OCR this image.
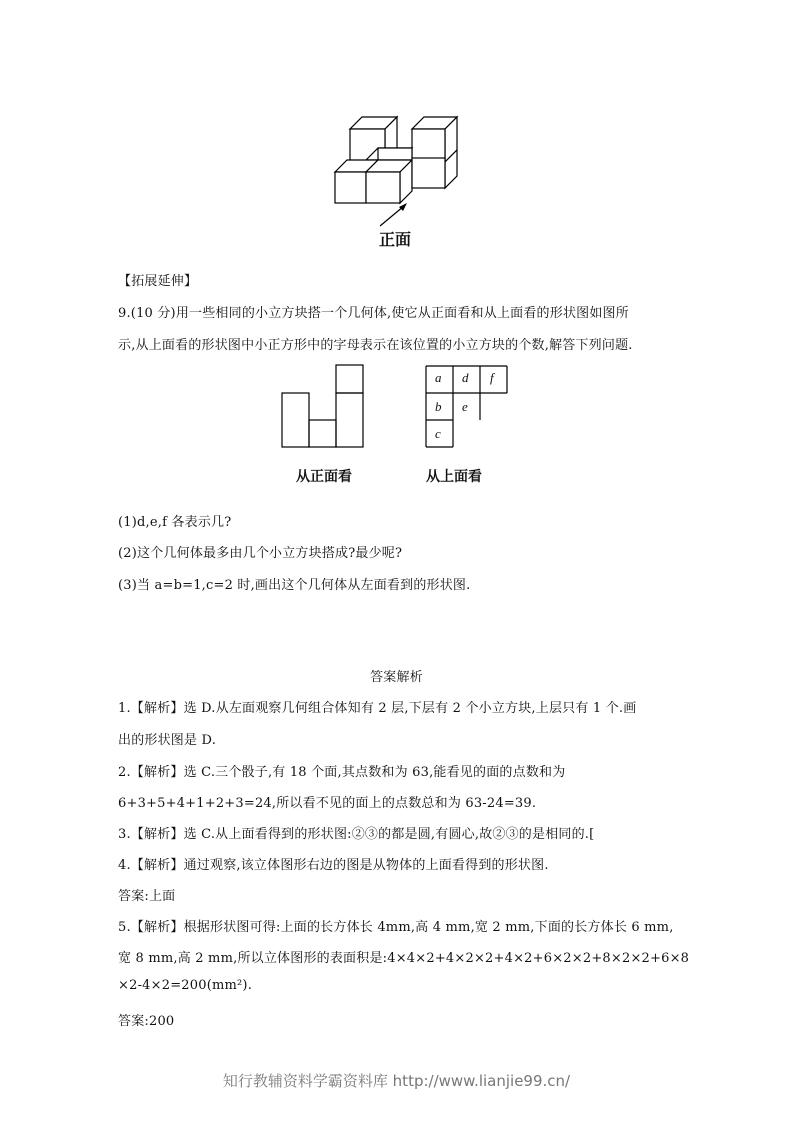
正面
【拓展延伸】
9.(10 分)用一些相同的小立方块搭一个几何体,使它从正面看和从上面看的形状图如图所
示,从上面看的形状图中小正方形中的字母表示在该位置的小立方块的个数,解答下列问题.
从正面看
a d f
b e
c
从上面看
(1)d,e,f 各表示几?
(2)这个几何体最多由几个小立方块搭成?最少呢?
(3)当 a=b=1,c=2 时,画出这个几何体从左面看到的形状图.
答案解析
1.【解析】选 D.从左面观察几何组合体知有 2 层,下层有 2 个小立方块,上层只有 1 个.画
出的形状图是 D.
2.【解析】选 C.三个骰子,有 18 个面,其点数和为 63,能看见的面的点数和为
6+3+5+4+1+2+3=24,所以看不见的面上的点数总和为 63-24=39.
3.【解析】选 C.从上面看得到的形状图:②③的都是圆,有圆心,故②③的是相同的.[
4.【解析】通过观察,该立体图形右边的图是从物体的上面看得到的形状图.
答案:上面
5.【解析】根据形状图可得:上面的长方体长 4mm,高 4 mm,宽 2 mm,下面的长方体长 6 mm,
宽 8 mm,高 2 mm,所以立体图形的表面积是:4×4×2+4×2×2+4×2+6×2×2+8×2×2+6×8
×2-4×2=200(mm²).
答案:200
知行教辅资料学霸资料库 http://www.lianjie99.cn/
